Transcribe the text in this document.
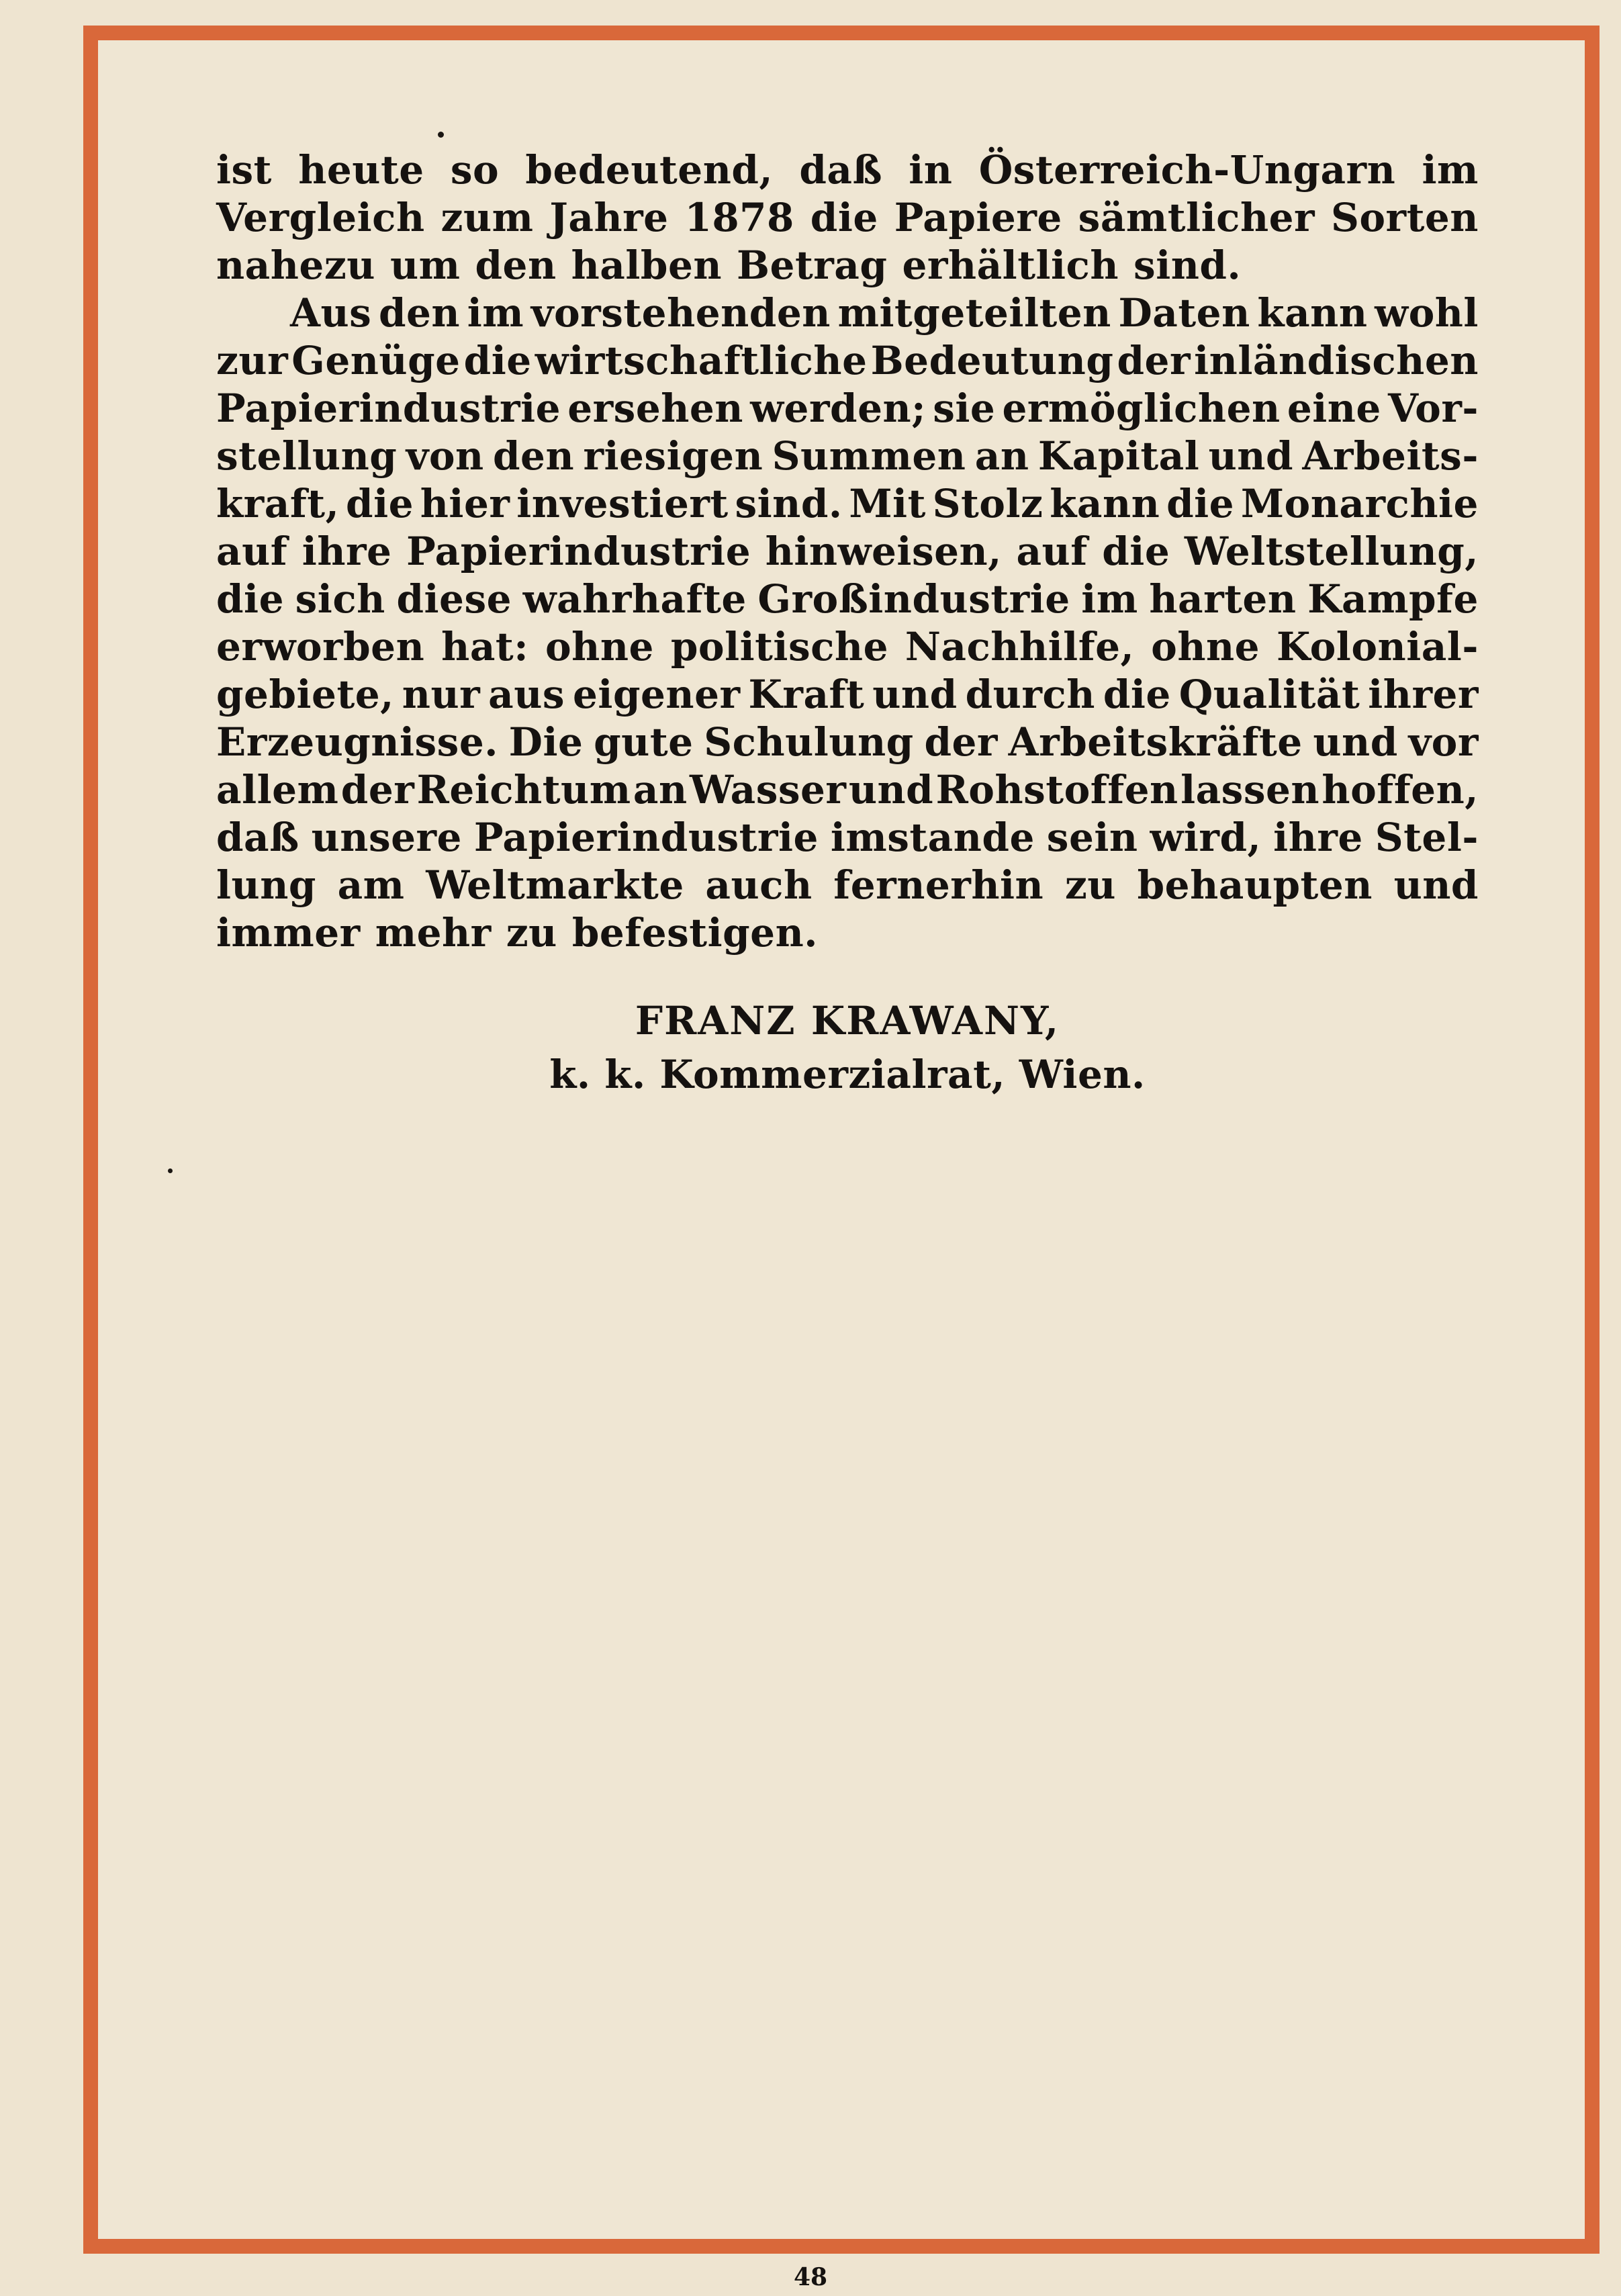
ist heute so bedeutend, daß in Österreich-Ungarn im
Vergleich zum Jahre 1878 die Papiere sämtlicher Sorten
nahezu um den halben Betrag erhältlich sind.
Aus den im vorstehenden mitgeteilten Daten kann wohl
zur Genüge die wirtschaftliche Bedeutung der inländischen
Papierindustrie ersehen werden; sie ermöglichen eine Vor-
stellung von den riesigen Summen an Kapital und Arbeits-
kraft, die hier investiert sind. Mit Stolz kann die Monarchie
auf ihre Papierindustrie hinweisen, auf die Weltstellung,
die sich diese wahrhafte Großindustrie im harten Kampfe
erworben hat: ohne politische Nachhilfe, ohne Kolonial-
gebiete, nur aus eigener Kraft und durch die Qualität ihrer
Erzeugnisse. Die gute Schulung der Arbeitskräfte und vor
allem der Reichtum an Wasser und Rohstoffen lassen hoffen,
daß unsere Papierindustrie imstande sein wird, ihre Stel-
lung am Weltmarkte auch fernerhin zu behaupten und
immer mehr zu befestigen.
FRANZ KRAWANY,
k. k. Kommerzialrat, Wien.
48
